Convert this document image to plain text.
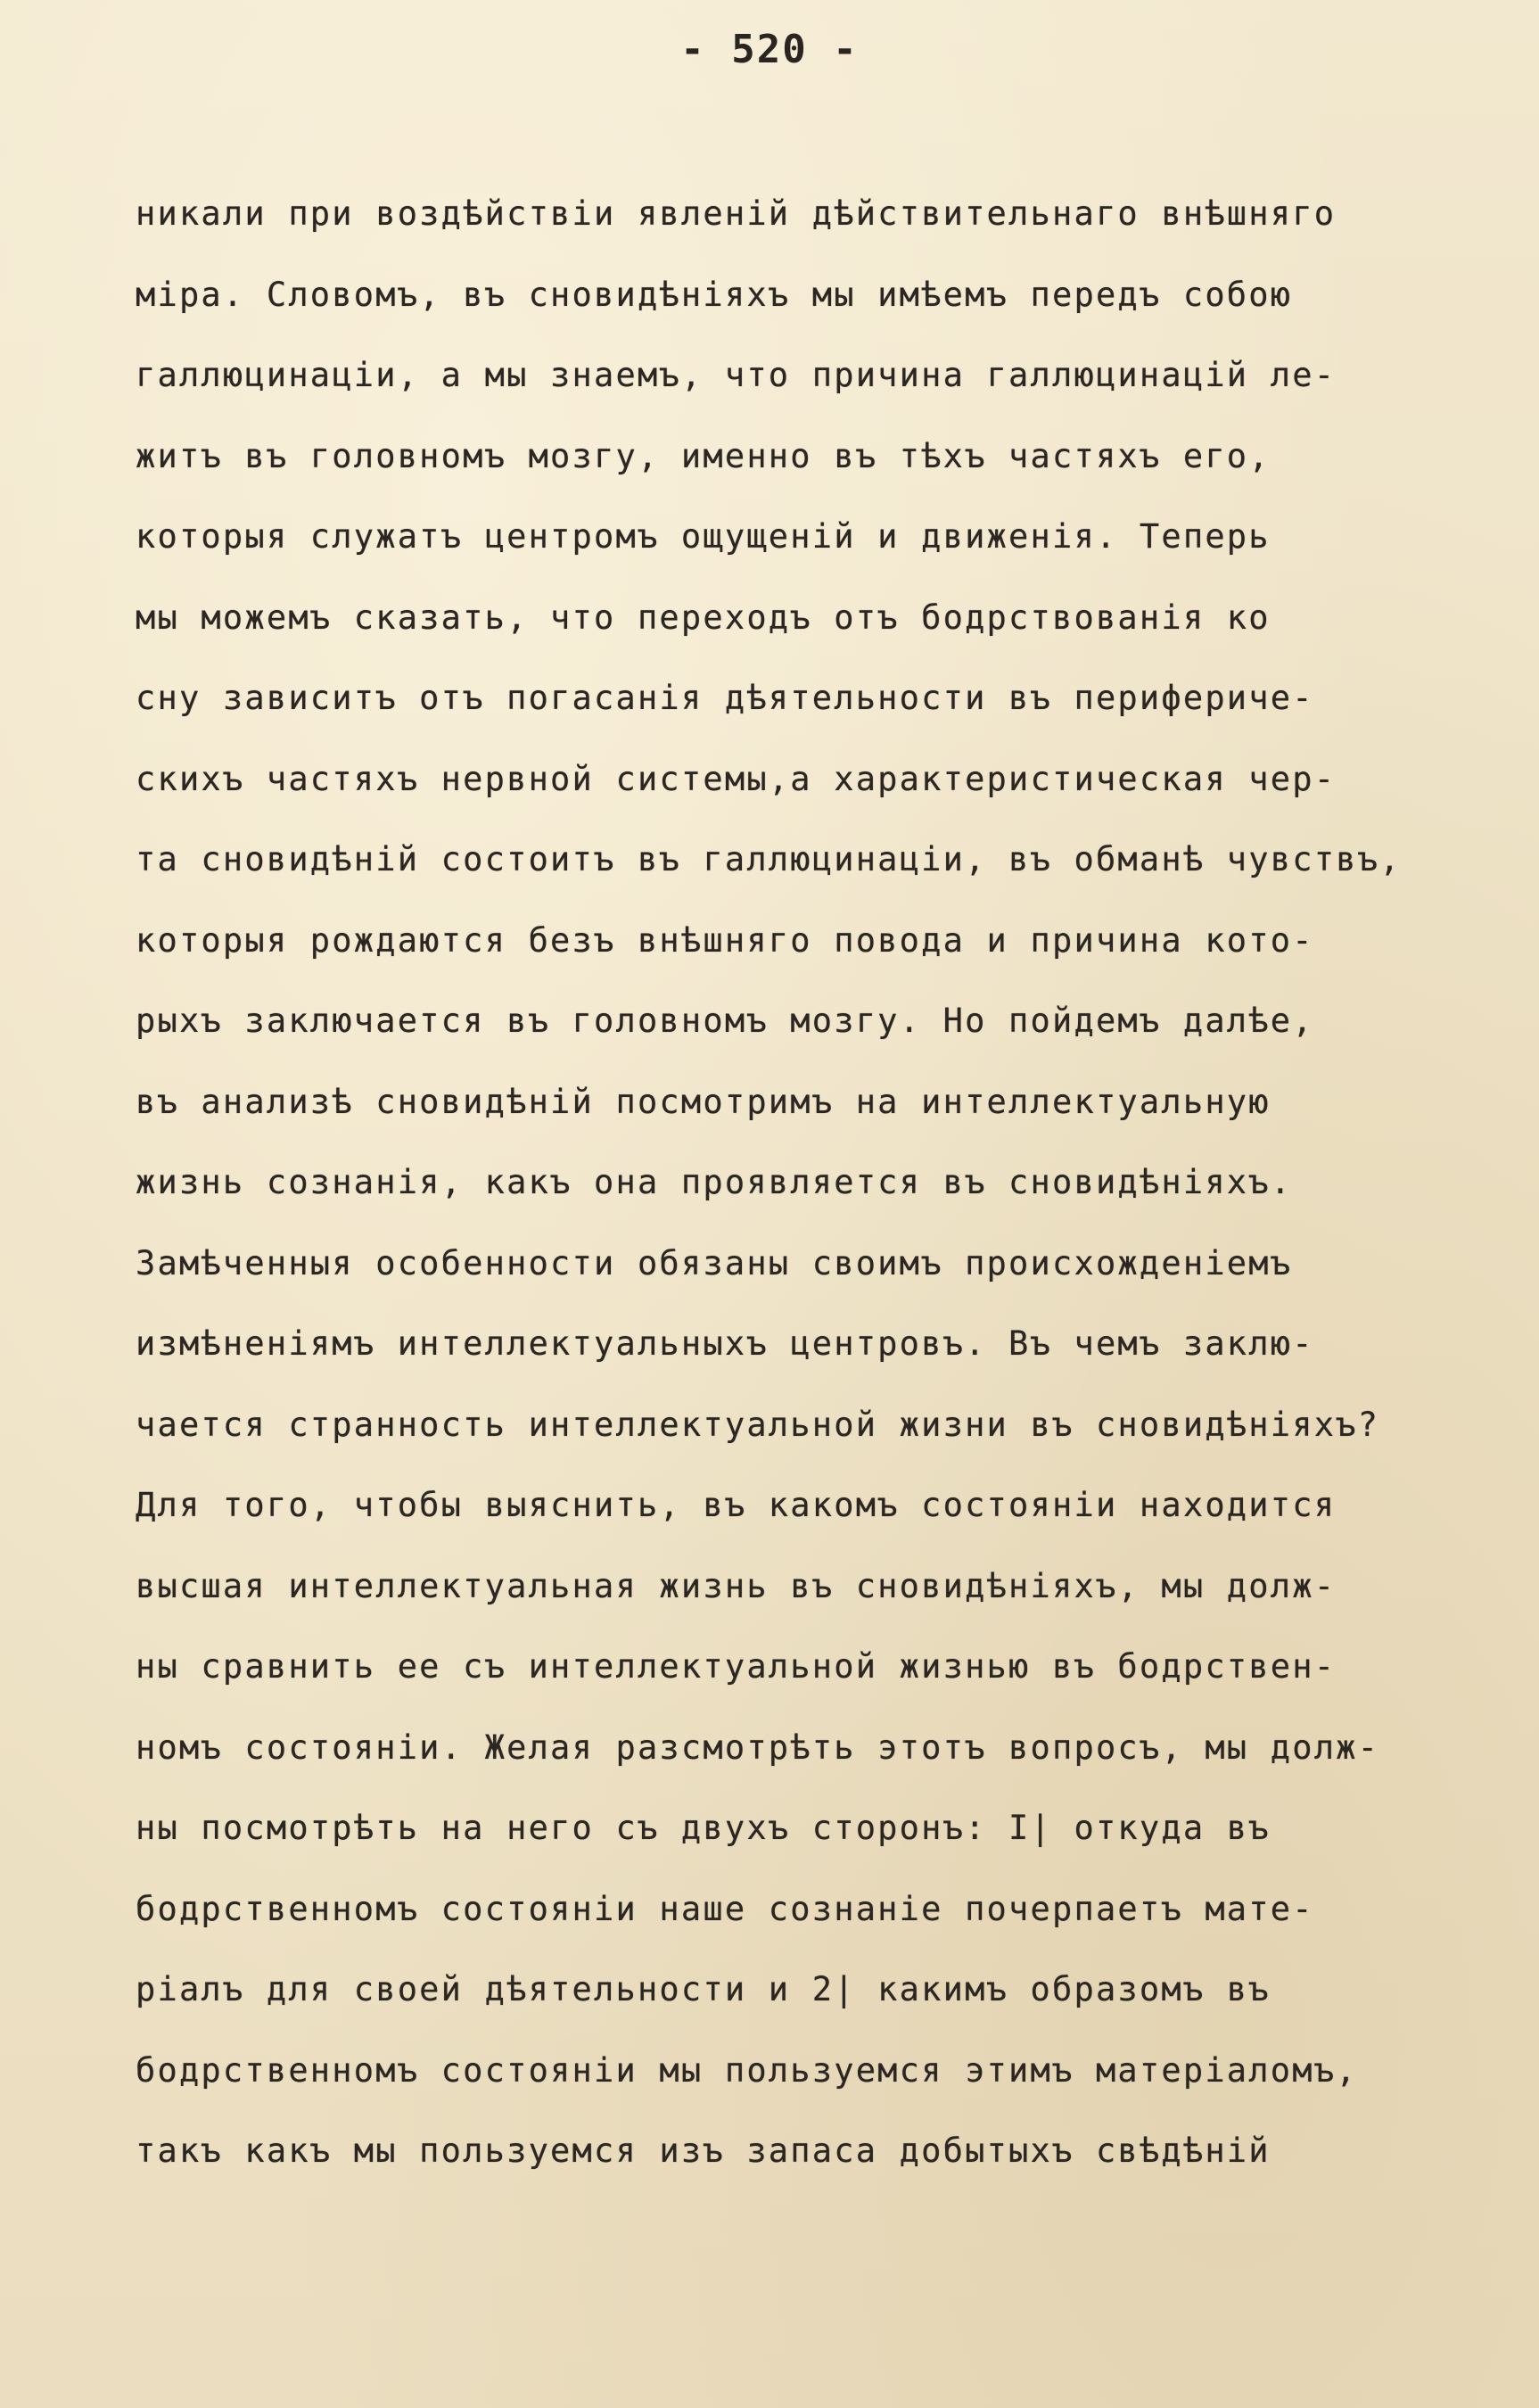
- 520 -
никали при воздѣйствiи явленiй дѣйствительнаго внѣшняго
мiра. Словомъ, въ сновидѣнiяхъ мы имѣемъ передъ собою
галлюцинацiи, а мы знаемъ, что причина галлюцинацiй ле-
житъ въ головномъ мозгу, именно въ тѣхъ частяхъ его,
которыя служатъ центромъ ощущенiй и движенiя. Теперь
мы можемъ сказать, что переходъ отъ бодрствованiя ко
сну зависитъ отъ погасанiя дѣятельности въ перифериче-
скихъ частяхъ нервной системы,а характеристическая чер-
та сновидѣнiй состоитъ въ галлюцинацiи, въ обманѣ чувствъ,
которыя рождаются безъ внѣшняго повода и причина кото-
рыхъ заключается въ головномъ мозгу. Но пойдемъ далѣе,
въ анализѣ сновидѣнiй посмотримъ на интеллектуальную
жизнь сознанiя, какъ она проявляется въ сновидѣнiяхъ.
Замѣченныя особенности обязаны своимъ происхожденiемъ
измѣненiямъ интеллектуальныхъ центровъ. Въ чемъ заклю-
чается странность интеллектуальной жизни въ сновидѣнiяхъ?
Для того, чтобы выяснить, въ какомъ состоянiи находится
высшая интеллектуальная жизнь въ сновидѣнiяхъ, мы долж-
ны сравнить ее съ интеллектуальной жизнью въ бодрствен-
номъ состоянiи. Желая разсмотрѣть этотъ вопросъ, мы долж-
ны посмотрѣть на него съ двухъ сторонъ: I| откуда въ
бодрственномъ состоянiи наше сознанiе почерпаетъ мате-
рiалъ для своей дѣятельности и 2| какимъ образомъ въ
бодрственномъ состоянiи мы пользуемся этимъ матерiаломъ,
такъ какъ мы пользуемся изъ запаса добытыхъ свѣдѣнiй
